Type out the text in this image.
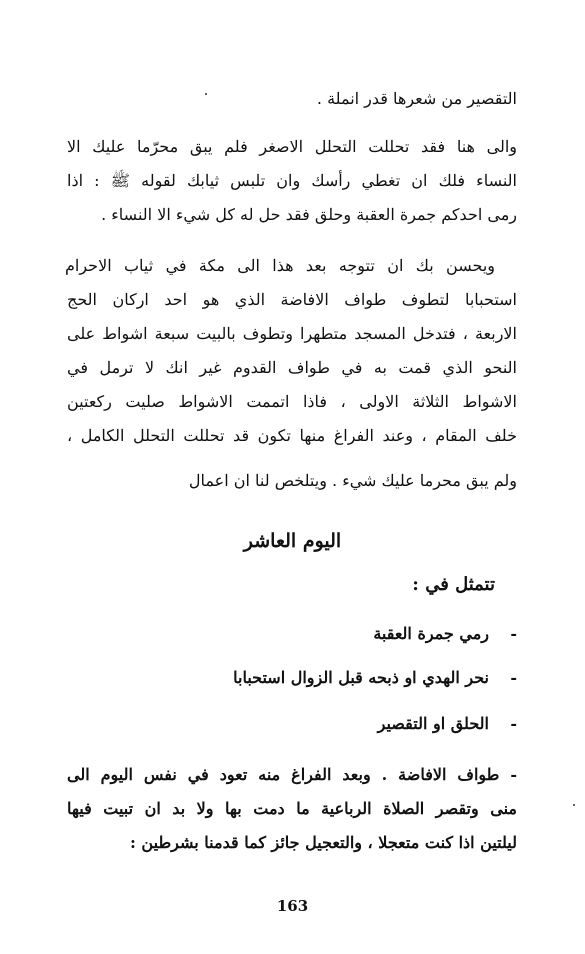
التقصير من شعرها قدر انملة .
والى هنا فقد تحللت التحلل الاصغر فلم يبق محرّما عليك الا
النساء فلك ان تغطي رأسك وان تلبس ثيابك لقوله ﷺ : اذا
رمى احدكم جمرة العقبة وحلق فقد حل له كل شيء الا النساء .
ويحسن بك ان تتوجه بعد هذا الى مكة في ثياب الاحرام
استحبابا لتطوف طواف الافاضة الذي هو احد اركان الحج
الاربعة ، فتدخل المسجد متطهرا وتطوف بالبيت سبعة اشواط على
النحو الذي قمت به في طواف القدوم غير انك لا ترمل في
الاشواط الثلاثة الاولى ، فاذا اتممت الاشواط صليت ركعتين
خلف المقام ، وعند الفراغ منها تكون قد تحللت التحلل الكامل ،
ولم يبق محرما عليك شيء . ويتلخص لنا ان اعمال
اليوم العاشر
تتمثل في :
-رمي جمرة العقبة
-نحر الهدي او ذبحه قبل الزوال استحبابا
-الحلق او التقصير
- طواف الافاضة . وبعد الفراغ منه تعود في نفس اليوم الى
منى وتقصر الصلاة الرباعية ما دمت بها ولا بد ان تبيت فيها
ليلتين اذا كنت متعجلا ، والتعجيل جائز كما قدمنا بشرطين :
163
